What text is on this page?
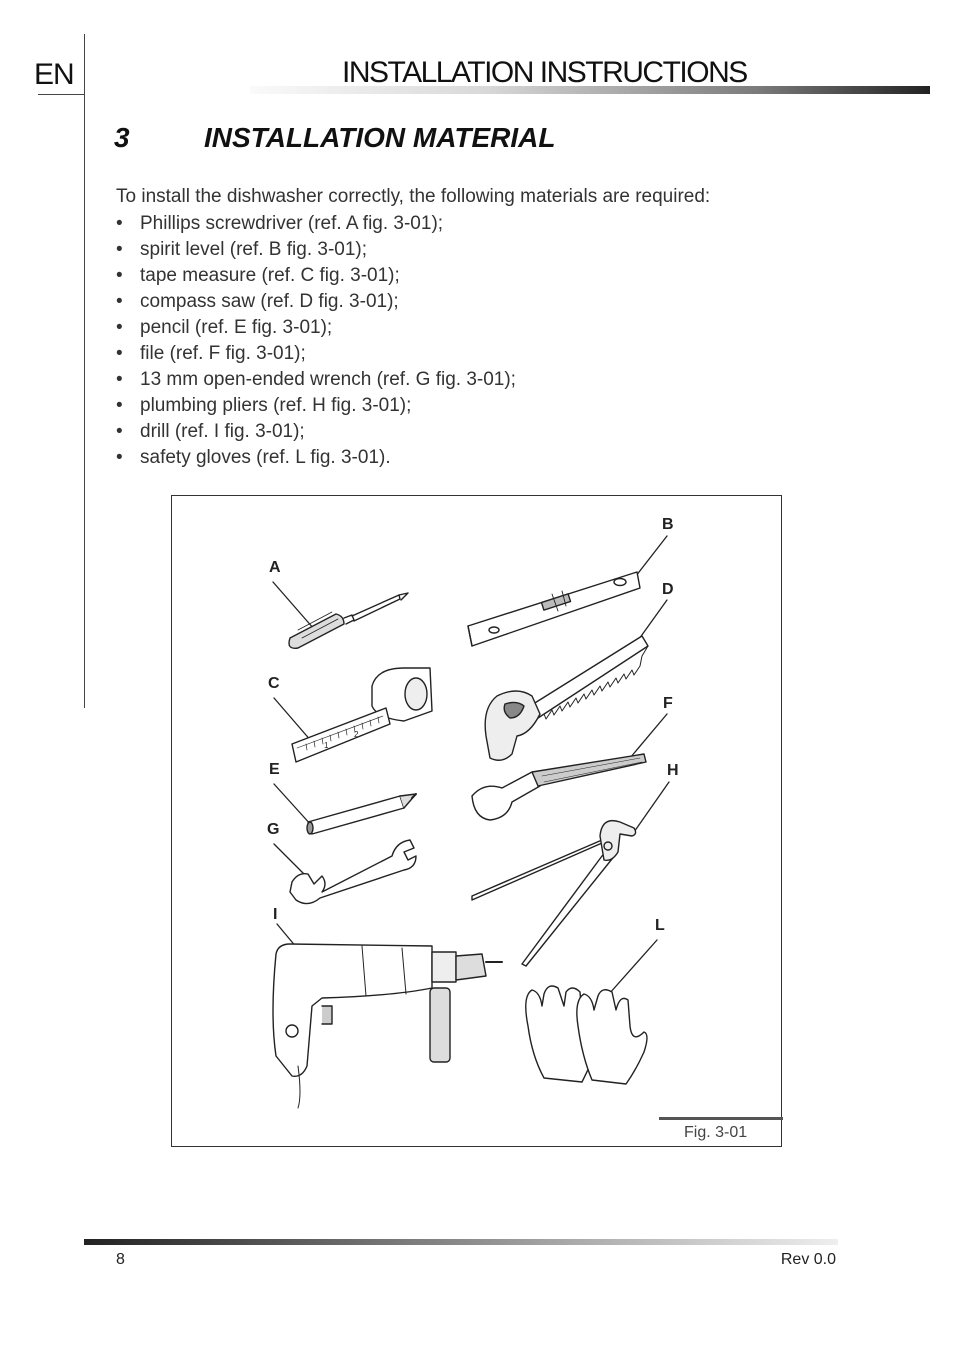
EN	INSTALLATION INSTRUCTIONS
3	INSTALLATION MATERIAL
To install the dishwasher correctly, the following materials are required:
• Phillips screwdriver (ref. A fig. 3-01);
• spirit level (ref. B fig. 3-01);
• tape measure (ref. C fig. 3-01);
• compass saw (ref. D fig. 3-01);
• pencil (ref. E fig. 3-01);
• file (ref. F fig. 3-01);
• 13 mm open-ended wrench (ref. G fig. 3-01);
• plumbing pliers (ref. H fig. 3-01);
• drill (ref. I fig. 3-01);
• safety gloves (ref. L fig. 3-01).
B
A
D
C
F
E	H
G
I
L
1
2
Fig. 3-01
8	Rev 0.0
